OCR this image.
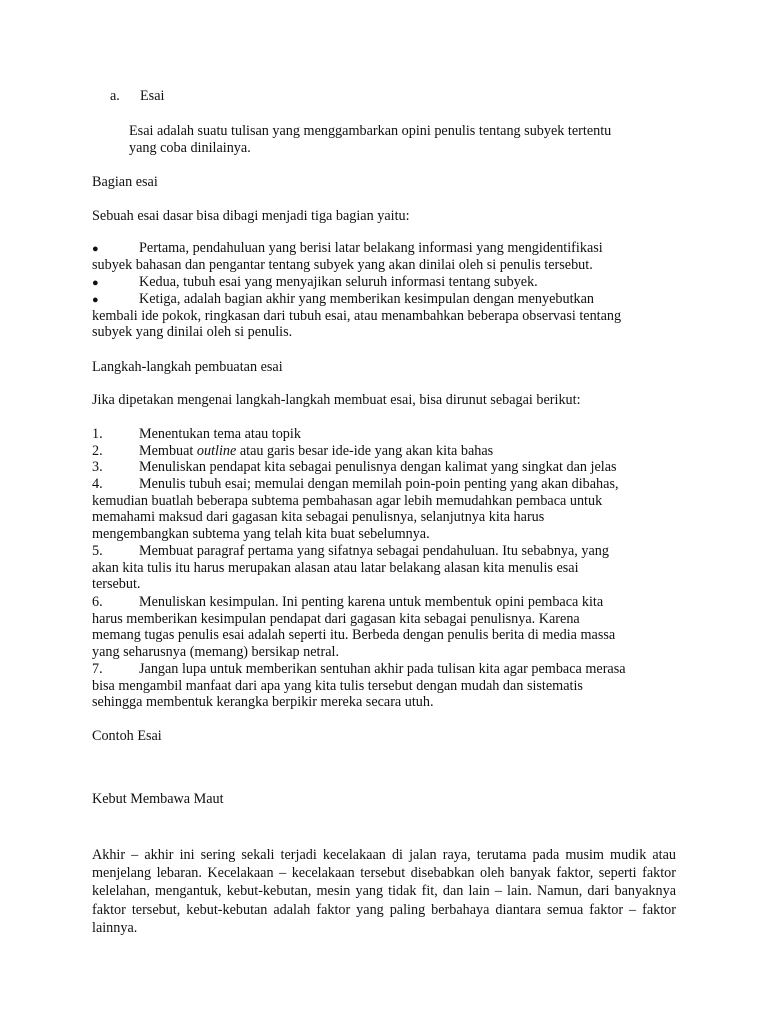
a. Esai
Esai adalah suatu tulisan yang menggambarkan opini penulis tentang subyek tertentu
yang coba dinilainya.
Bagian esai
Sebuah esai dasar bisa dibagi menjadi tiga bagian yaitu:
●	Pertama, pendahuluan yang berisi latar belakang informasi yang mengidentifikasi
subyek bahasan dan pengantar tentang subyek yang akan dinilai oleh si penulis tersebut.
●	Kedua, tubuh esai yang menyajikan seluruh informasi tentang subyek.
●	Ketiga, adalah bagian akhir yang memberikan kesimpulan dengan menyebutkan
kembali ide pokok, ringkasan dari tubuh esai, atau menambahkan beberapa observasi tentang
subyek yang dinilai oleh si penulis.
Langkah-langkah pembuatan esai
Jika dipetakan mengenai langkah-langkah membuat esai, bisa dirunut sebagai berikut:
1.	Menentukan tema atau topik
2.	Membuat outline atau garis besar ide-ide yang akan kita bahas
3.	Menuliskan pendapat kita sebagai penulisnya dengan kalimat yang singkat dan jelas
4.	Menulis tubuh esai; memulai dengan memilah poin-poin penting yang akan dibahas,
kemudian buatlah beberapa subtema pembahasan agar lebih memudahkan pembaca untuk
memahami maksud dari gagasan kita sebagai penulisnya, selanjutnya kita harus
mengembangkan subtema yang telah kita buat sebelumnya.
5.	Membuat paragraf pertama yang sifatnya sebagai pendahuluan. Itu sebabnya, yang
akan kita tulis itu harus merupakan alasan atau latar belakang alasan kita menulis esai
tersebut.
6.	Menuliskan kesimpulan. Ini penting karena untuk membentuk opini pembaca kita
harus memberikan kesimpulan pendapat dari gagasan kita sebagai penulisnya. Karena
memang tugas penulis esai adalah seperti itu. Berbeda dengan penulis berita di media massa
yang seharusnya (memang) bersikap netral.
7.	Jangan lupa untuk memberikan sentuhan akhir pada tulisan kita agar pembaca merasa
bisa mengambil manfaat dari apa yang kita tulis tersebut dengan mudah dan sistematis
sehingga membentuk kerangka berpikir mereka secara utuh.
Contoh Esai
Kebut Membawa Maut
Akhir – akhir ini sering sekali terjadi kecelakaan di jalan raya, terutama pada musim mudik atau menjelang lebaran. Kecelakaan – kecelakaan tersebut disebabkan oleh banyak faktor, seperti faktor kelelahan, mengantuk, kebut-kebutan, mesin yang tidak fit, dan lain – lain. Namun, dari banyaknya faktor tersebut, kebut-kebutan adalah faktor yang paling berbahaya diantara semua faktor – faktor lainnya.
